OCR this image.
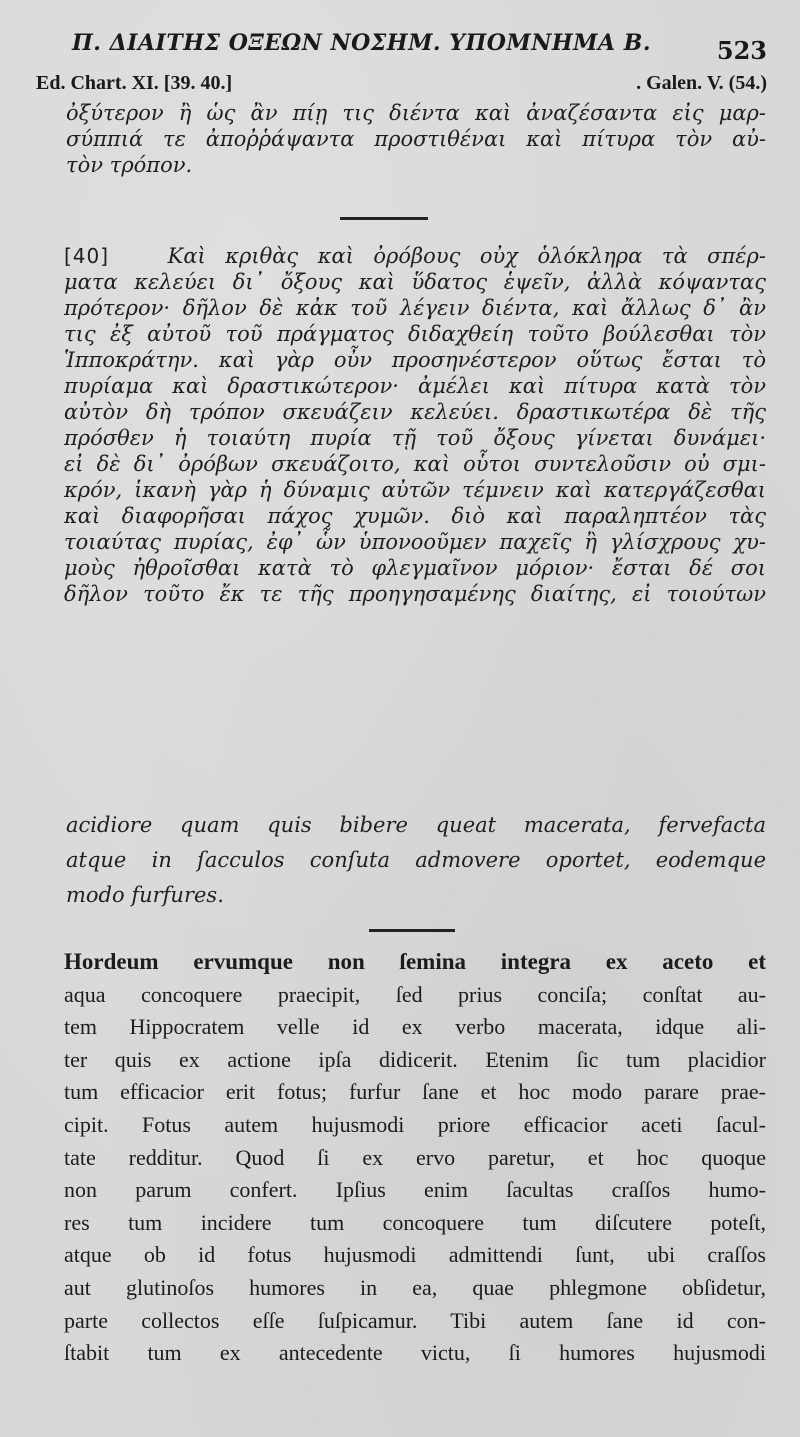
Π. ΔΙΑΙΤΗΣ ΟΞΕΩΝ ΝΟΣΗΜ. ΥΠΟΜΝΗΜΑ Β.	523
Ed. Chart. XI. [39. 40.]	. Galen. V. (54.)
ὀξύτερον ἢ ὡς ἂν πίῃ τις διέντα καὶ ἀναζέσαντα εἰς μαρ-
σύππιά τε ἀποῤῥάψαντα προστιθέναι καὶ πίτυρα τὸν αὐ-
τὸν τρόπον.
[40]	Καὶ κριθὰς καὶ ὀρόβους οὐχ ὁλόκληρα τὰ σπέρ-
ματα κελεύει δι᾽ ὄξους καὶ ὕδατος ἑψεῖν, ἀλλὰ κόψαντας
πρότερον· δῆλον δὲ κἀκ τοῦ λέγειν διέντα, καὶ ἄλλως δ᾽ ἂν
τις ἐξ αὐτοῦ τοῦ πράγματος διδαχθείη τοῦτο βούλεσθαι τὸν
Ἱπποκράτην. καὶ γὰρ οὖν προσηνέστερον οὕτως ἔσται τὸ
πυρίαμα καὶ δραστικώτερον· ἀμέλει καὶ πίτυρα κατὰ τὸν
αὐτὸν δὴ τρόπον σκευάζειν κελεύει. δραστικωτέρα δὲ τῆς
πρόσθεν ἡ τοιαύτη πυρία τῇ τοῦ ὄξους γίνεται δυνάμει·
εἰ δὲ δι᾽ ὀρόβων σκευάζοιτο, καὶ οὗτοι συντελοῦσιν οὐ σμι-
κρόν, ἱκανὴ γὰρ ἡ δύναμις αὐτῶν τέμνειν καὶ κατεργάζεσθαι
καὶ διαφορῆσαι πάχος χυμῶν. διὸ καὶ παραληπτέον τὰς
τοιαύτας πυρίας, ἐφ᾽ ὧν ὑπονοοῦμεν παχεῖς ἢ γλίσχρους χυ-
μοὺς ἠθροῖσθαι κατὰ τὸ φλεγμαῖνον μόριον· ἔσται δέ σοι
δῆλον τοῦτο ἔκ τε τῆς προηγησαμένης διαίτης, εἰ τοιούτων
acidiore quam quis bibere queat macerata, fervefacta
atque in ſacculos conſuta admovere oportet, eodemque
modo furfures.
Hordeum ervumque non ſemina integra ex aceto et
aqua concoquere praecipit, ſed prius conciſa; conſtat au-
tem Hippocratem velle id ex verbo macerata, idque ali-
ter quis ex actione ipſa didicerit. Etenim ſic tum placidior
tum efficacior erit fotus; furfur ſane et hoc modo parare prae-
cipit. Fotus autem hujusmodi priore efficacior aceti ſacul-
tate redditur. Quod ſi ex ervo paretur, et hoc quoque
non parum confert. Ipſius enim ſacultas craſſos humo-
res tum incidere tum concoquere tum diſcutere poteſt,
atque ob id fotus hujusmodi admittendi ſunt, ubi craſſos
aut glutinoſos humores in ea, quae phlegmone obſidetur,
parte collectos eſſe ſuſpicamur. Tibi autem ſane id con-
ſtabit tum ex antecedente victu, ſi humores hujusmodi
